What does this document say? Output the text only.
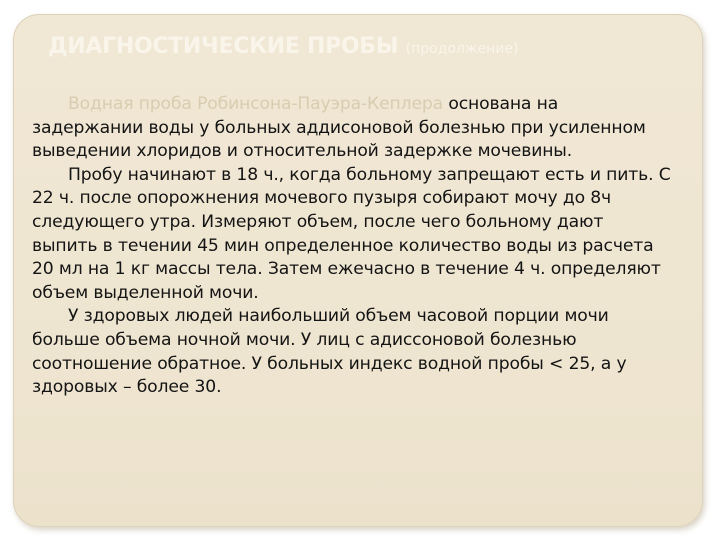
ДИАГНОСТИЧЕСКИЕ ПРОБЫ (продолжение)

Водная проба Робинсона-Пауэра-Кеплера основана на задержании воды у больных аддисоновой болезнью при усиленном выведении хлоридов и относительной задержке мочевины.

Пробу начинают в 18 ч., когда больному запрещают есть и пить. С 22 ч. после опорожнения мочевого пузыря собирают мочу до 8ч следующего утра. Измеряют объем, после чего больному дают выпить в течении 45 мин определенное количество воды из расчета 20 мл на 1 кг массы тела. Затем ежечасно в течение 4 ч. определяют объем выделенной мочи.

У здоровых людей наибольший объем часовой порции мочи больше объема ночной мочи. У лиц с адиссоновой болезнью соотношение обратное. У больных индекс водной пробы < 25, а у здоровых – более 30.
